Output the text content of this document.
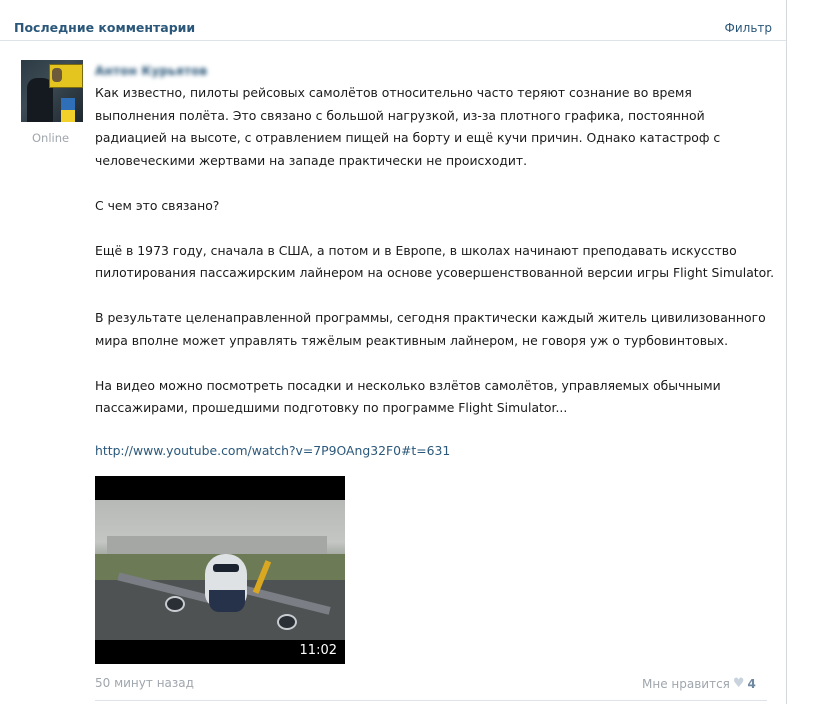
Последние комментарии	Фильтр
Online
Антон Курьятов

Как известно, пилоты рейсовых самолётов относительно часто теряют сознание во время выполнения полёта. Это связано с большой нагрузкой, из-за плотного графика, постоянной радиацией на высоте, с отравлением пищей на борту и ещё кучи причин. Однако катастроф с человеческими жертвами на западе практически не происходит.

С чем это связано?

Ещё в 1973 году, сначала в США, а потом и в Европе, в школах начинают преподавать искусство пилотирования пассажирским лайнером на основе усовершенствованной версии игры Flight Simulator.

В результате целенаправленной программы, сегодня практически каждый житель цивилизованного мира вполне может управлять тяжёлым реактивным лайнером, не говоря уж о турбовинтовых.

На видео можно посмотреть посадки и несколько взлётов самолётов, управляемых обычными пассажирами, прошедшими подготовку по программе Flight Simulator...

http://www.youtube.com/watch?v=7P9OAng32F0#t=631
11:02
50 минут назад	Мне нравится ♥ 4
